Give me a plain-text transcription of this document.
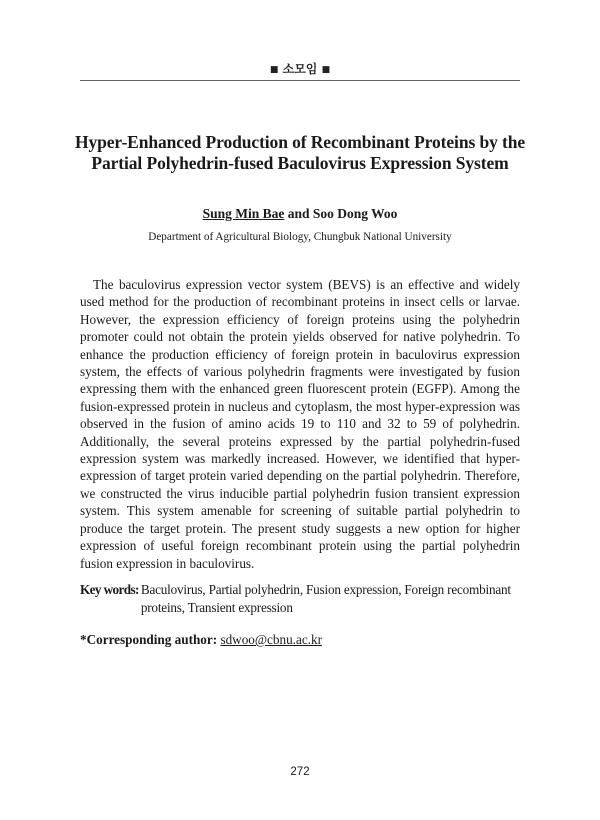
■ 소모임 ■
Hyper-Enhanced Production of Recombinant Proteins by the
Partial Polyhedrin-fused Baculovirus Expression System
Sung Min Bae and Soo Dong Woo
Department of Agricultural Biology, Chungbuk National University

The baculovirus expression vector system (BEVS) is an effective and widely used method for the production of recombinant proteins in insect cells or larvae. However, the expression efficiency of foreign proteins using the polyhedrin promoter could not obtain the protein yields observed for native polyhedrin. To enhance the production efficiency of foreign protein in baculovirus expression system, the effects of various polyhedrin fragments were investigated by fusion expressing them with the enhanced green fluorescent protein (EGFP). Among the fusion-expressed protein in nucleus and cytoplasm, the most hyper-expression was observed in the fusion of amino acids 19 to 110 and 32 to 59 of polyhedrin. Additionally, the several proteins expressed by the partial polyhedrin-fused expression system was markedly increased. However, we identified that hyper-expression of target protein varied depending on the partial polyhedrin. Therefore, we constructed the virus inducible partial polyhedrin fusion transient expression system. This system amenable for screening of suitable partial polyhedrin to produce the target protein. The present study suggests a new option for higher expression of useful foreign recombinant protein using the partial polyhedrin fusion expression in baculovirus.

Key words: Baculovirus, Partial polyhedrin, Fusion expression, Foreign recombinant proteins, Transient expression
*Corresponding author: sdwoo@cbnu.ac.kr
272
